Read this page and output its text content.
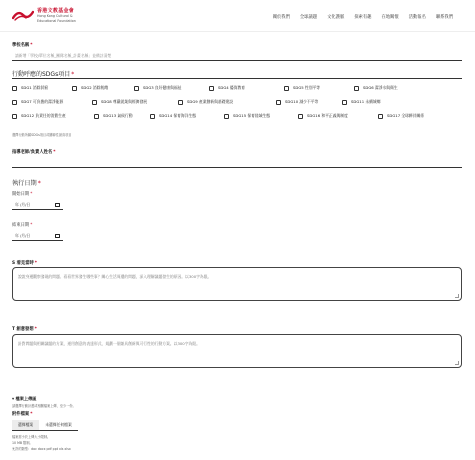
香港文教基金會
Hong Kong Cultural &
Educational Foundation
關於我們 全球議題 文化護脈 探索有趣 在地關懷 活動報名 聯系我們
學校名稱*
請新增「學校/單位名稱_團隊名稱_計畫名稱」並備註清楚
行動呼應的SDGs項目*
SDG1 消除貧窮	SDG2 消除飢餓	SDG3 良好健康與福祉	SDG4 優質教育	SDG5 性別平等	SDG6 潔淨水與衛生
SDG7 可負擔的潔淨能源	SDG8 尊嚴就業與經濟發展	SDG9 產業創新與基礎建設	SDG10 減少不平等	SDG11 永續城鄉
SDG12 負責任的消費生產	SDG13 氣候行動	SDG14 保育海洋生態	SDG15 保育陸域生態	SDG16 和平正義與制度	SDG17 全球夥伴關係
選擇行動所屬SDGs項目或關聯性最高項目
指導老師/負責人姓名*
執行日期*
開始日期*
年 /月/日
結束日期*
年 /月/日
S 看見當時*
說說身邊觀察發現的問題、看看世界發生哪些事？關心生活周遭的問題，深入理解議題發生的原因。以300字為限。
T 創意發想*
針對問題與相關議題的方案，運用創意的表達形式，規劃一個兼具創新與可行性的行動方案。以300字為限。
▾ 檔案上傳區
請選擇行動計畫或相關檔案上傳，至少一份。
附件檔案*
選擇檔案	未選擇任何檔案
檔案需小於上傳大小限制。
10 MB 限制。
允許的類型：doc docx pdf ppt xls xlsx
